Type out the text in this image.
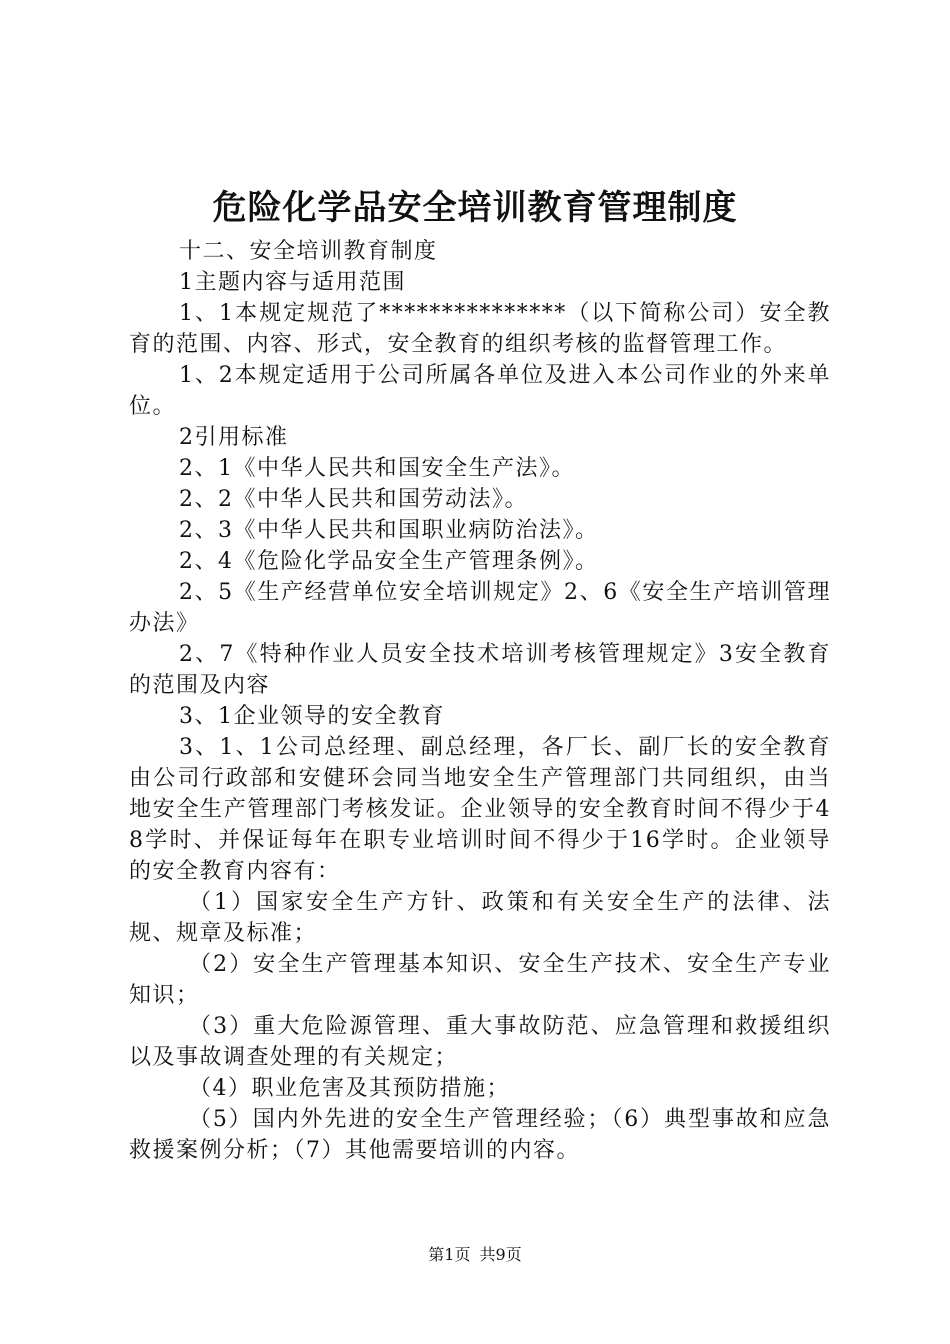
危险化学品安全培训教育管理制度

十二、安全培训教育制度

1主题内容与适用范围

1、1本规定规范了***************（以下简称公司）安全教育的范围、内容、形式，安全教育的组织考核的监督管理工作。

1、2本规定适用于公司所属各单位及进入本公司作业的外来单位。

2引用标准

2、1《中华人民共和国安全生产法》。

2、2《中华人民共和国劳动法》。

2、3《中华人民共和国职业病防治法》。

2、4《危险化学品安全生产管理条例》。

2、5《生产经营单位安全培训规定》2、6《安全生产培训管理办法》

2、7《特种作业人员安全技术培训考核管理规定》3安全教育的范围及内容

3、1企业领导的安全教育

3、1、1公司总经理、副总经理，各厂长、副厂长的安全教育由公司行政部和安健环会同当地安全生产管理部门共同组织，由当地安全生产管理部门考核发证。企业领导的安全教育时间不得少于48学时、并保证每年在职专业培训时间不得少于16学时。企业领导的安全教育内容有：

（1）国家安全生产方针、政策和有关安全生产的法律、法规、规章及标准；

（2）安全生产管理基本知识、安全生产技术、安全生产专业知识；

（3）重大危险源管理、重大事故防范、应急管理和救援组织以及事故调查处理的有关规定；

（4）职业危害及其预防措施；

（5）国内外先进的安全生产管理经验；（6）典型事故和应急救援案例分析；（7）其他需要培训的内容。

第1页 共9页
